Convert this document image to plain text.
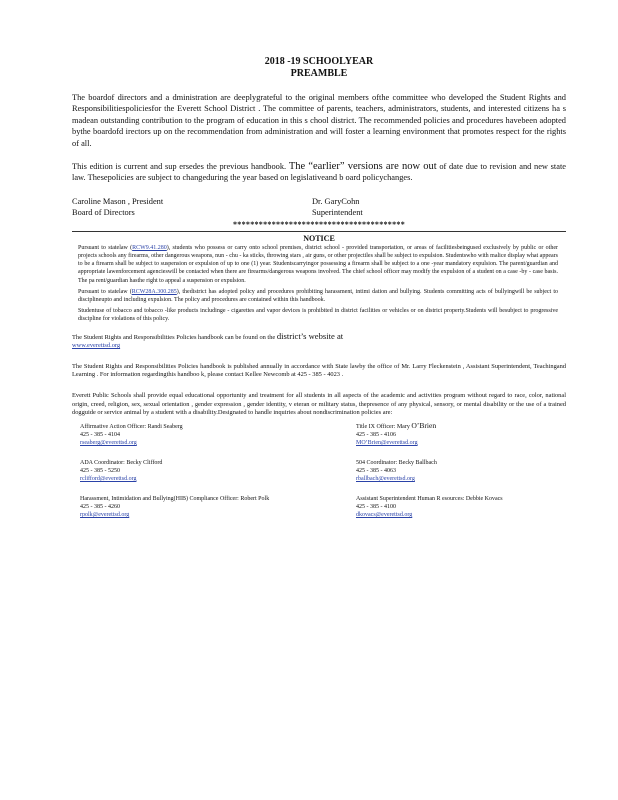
2018 -19 SCHOOLYEAR

PREAMBLE

The boardof directors and a dministration are deeplygrateful to the original members ofthe committee who developed the Student Rights and Responsibilitiespoliciesfor the Everett School District . The committee of parents, teachers, administrators, students, and interested citizens ha s madean outstanding contribution to the program of education in this s chool district. The recommended policies and procedures havebeen adopted bythe boardofd irectors up on the recommendation from administration and will foster a learning environment that promotes respect for the rights of all.

This edition is current and sup ersedes the previous handbook. The “earlier” versions are now out of date due to revision and new state law. Thesepolicies are subject to changeduring the year based on legislativeand b oard policychanges.

Caroline Mason , President
Board of Directors
Dr. GaryCohn
Superintendent
****************************************
NOTICE

Pursuant to statelaw (RCW9.41.280), students who possess or carry onto school premises, district school - provided transportation, or areas of facilitiesbeingused exclusively by public or other projects schools any firearms, other dangerous weapons, nun - chu - ka sticks, throwing stars , air guns, or other projectiles shall be subject to expulsion. Studentswho with malice display what appears to be a firearm shall be subject to suspension or expulsion of up to one (1) year. Studentscarryingor possessing a firearm shall be subject to a one -year mandatory expulsion. The parent/guardian and appropriate lawenforcement agencieswill be contacted when there are firearms/dangerous weapons involved. The chief school officer may modify the expulsion of a student on a case -by - case basis. The pa rent/guardian hasthe right to appeal a suspension or expulsion.

Pursuant to statelaw (RCW28A.300.285), thedistrict has adopted policy and procedures prohibiting harassment, intimi dation and bullying. Students committing acts of bullyingwill be subject to disciplineupto and including expulsion. The policy and procedures are contained within this handbook.

Studentuse of tobacco and tobacco -like products includinge - cigarettes and vapor devices is prohibited in district facilities or vehicles or on district property.Students will besubject to progressive discipline for violations of this policy.

The Student Rights and Responsibilities Policies handbook can be found on the district’s website at
www.everettsd.org

The Student Rights and Responsibilities Policies handbook is published annually in accordance with State lawby the office of Mr. Larry Fleckenstein , Assistant Superintendent, Teachingand Learning . For information regardingthis handboo k, please contact Kellee Newcomb at 425 - 385 - 4023 .

Everett Public Schools shall provide equal educational opportunity and treatment for all students in all aspects of the academic and activities program without regard to race, color, national origin, creed, religion, sex, sexual orientation , gender expression , gender identity, v eteran or military status, thepresence of any physical, sensory, or mental disability or the use of a trained dogguide or service animal by a student with a disability.Designated to handle inquiries about nondiscrimination policies are:

Affirmative Action Officer: Randi Seaberg
425 - 385 - 4104
rseaberg@everettsd.org
Title IX Officer: Mary O’Brien
425 - 385 - 4106
MO’Brien@everettsd.org
ADA Coordinator: Becky Clifford
425 - 385 - 5250
rclifford@everettsd.org
504 Coordinator: Becky Ballbach
425 - 385 - 4063
rballbach@everettsd.org
Harassment, Intimidation and Bullying(HIB) Compliance Officer: Robert Polk
425 - 385 - 4260
rpolk@everettsd.org
Assistant Superintendent Human R esources: Debbie Kovacs
425 - 385 - 4100
dkovacs@everettsd.org
